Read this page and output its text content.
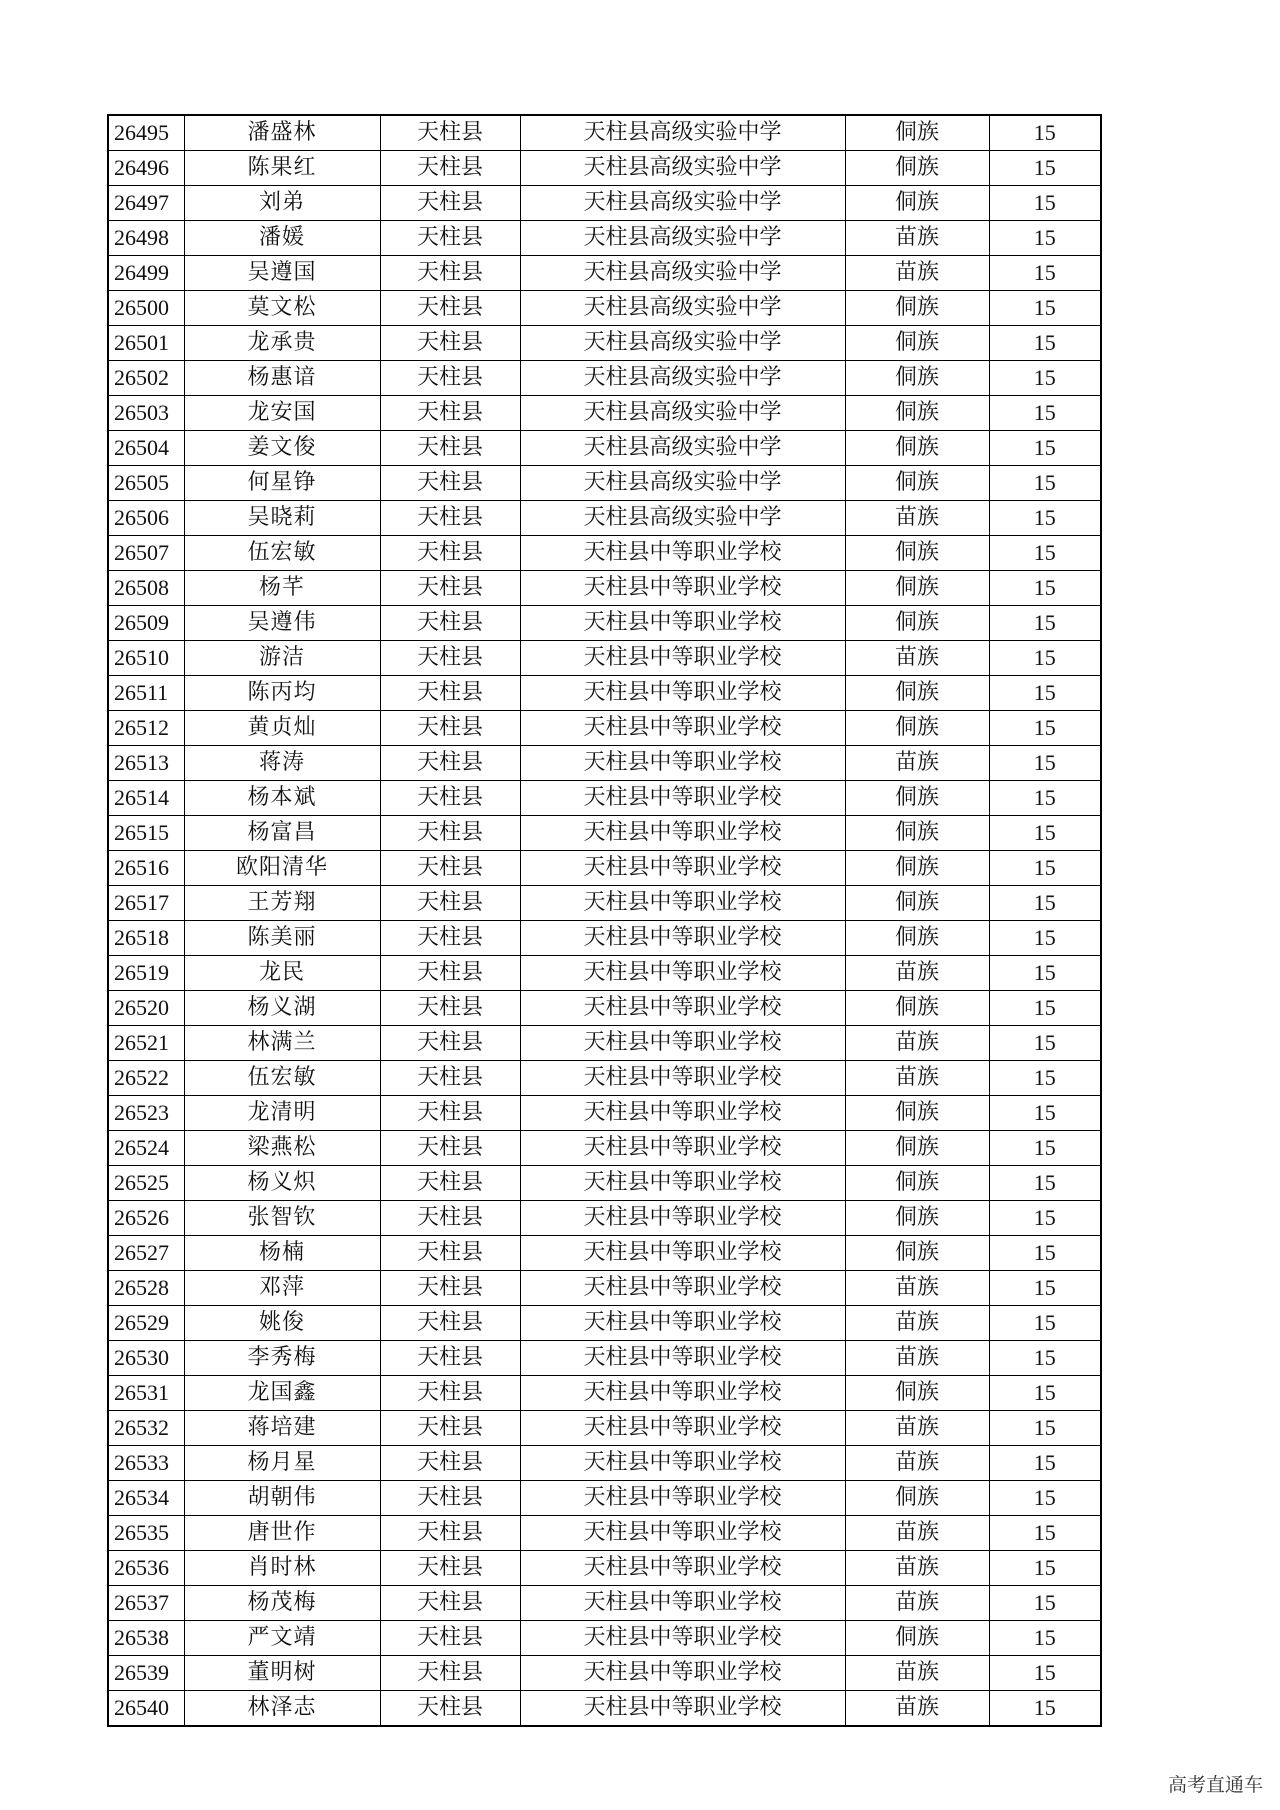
26495	潘盛林	天柱县	天柱县高级实验中学	侗族	15
26496	陈果红	天柱县	天柱县高级实验中学	侗族	15
26497	刘弟	天柱县	天柱县高级实验中学	侗族	15
26498	潘媛	天柱县	天柱县高级实验中学	苗族	15
26499	吴遵国	天柱县	天柱县高级实验中学	苗族	15
26500	莫文松	天柱县	天柱县高级实验中学	侗族	15
26501	龙承贵	天柱县	天柱县高级实验中学	侗族	15
26502	杨惠谙	天柱县	天柱县高级实验中学	侗族	15
26503	龙安国	天柱县	天柱县高级实验中学	侗族	15
26504	姜文俊	天柱县	天柱县高级实验中学	侗族	15
26505	何星铮	天柱县	天柱县高级实验中学	侗族	15
26506	吴晓莉	天柱县	天柱县高级实验中学	苗族	15
26507	伍宏敏	天柱县	天柱县中等职业学校	侗族	15
26508	杨芊	天柱县	天柱县中等职业学校	侗族	15
26509	吴遵伟	天柱县	天柱县中等职业学校	侗族	15
26510	游洁	天柱县	天柱县中等职业学校	苗族	15
26511	陈丙均	天柱县	天柱县中等职业学校	侗族	15
26512	黄贞灿	天柱县	天柱县中等职业学校	侗族	15
26513	蒋涛	天柱县	天柱县中等职业学校	苗族	15
26514	杨本斌	天柱县	天柱县中等职业学校	侗族	15
26515	杨富昌	天柱县	天柱县中等职业学校	侗族	15
26516	欧阳清华	天柱县	天柱县中等职业学校	侗族	15
26517	王芳翔	天柱县	天柱县中等职业学校	侗族	15
26518	陈美丽	天柱县	天柱县中等职业学校	侗族	15
26519	龙民	天柱县	天柱县中等职业学校	苗族	15
26520	杨义湖	天柱县	天柱县中等职业学校	侗族	15
26521	林满兰	天柱县	天柱县中等职业学校	苗族	15
26522	伍宏敏	天柱县	天柱县中等职业学校	苗族	15
26523	龙清明	天柱县	天柱县中等职业学校	侗族	15
26524	梁燕松	天柱县	天柱县中等职业学校	侗族	15
26525	杨义炽	天柱县	天柱县中等职业学校	侗族	15
26526	张智钦	天柱县	天柱县中等职业学校	侗族	15
26527	杨楠	天柱县	天柱县中等职业学校	侗族	15
26528	邓萍	天柱县	天柱县中等职业学校	苗族	15
26529	姚俊	天柱县	天柱县中等职业学校	苗族	15
26530	李秀梅	天柱县	天柱县中等职业学校	苗族	15
26531	龙国鑫	天柱县	天柱县中等职业学校	侗族	15
26532	蒋培建	天柱县	天柱县中等职业学校	苗族	15
26533	杨月星	天柱县	天柱县中等职业学校	苗族	15
26534	胡朝伟	天柱县	天柱县中等职业学校	侗族	15
26535	唐世作	天柱县	天柱县中等职业学校	苗族	15
26536	肖时林	天柱县	天柱县中等职业学校	苗族	15
26537	杨茂梅	天柱县	天柱县中等职业学校	苗族	15
26538	严文靖	天柱县	天柱县中等职业学校	侗族	15
26539	董明树	天柱县	天柱县中等职业学校	苗族	15
26540	林泽志	天柱县	天柱县中等职业学校	苗族	15
高考直通车
